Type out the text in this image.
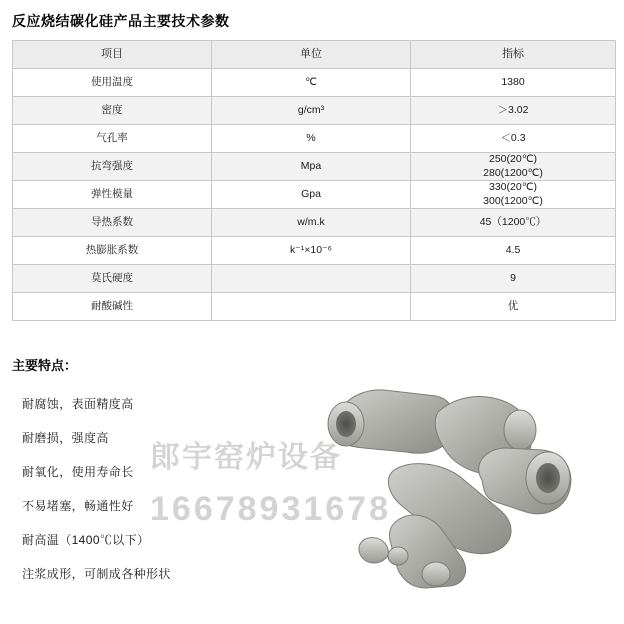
反应烧结碳化硅产品主要技术参数
项目	单位	指标
使用温度	℃	1380
密度	g/cm³	＞3.02
气孔率	%	＜0.3
抗弯强度	Mpa	250(20℃)
280(1200℃)

弹性模量	Gpa	330(20℃)
300(1200℃)

导热系数	w/m.k	45（1200℃）
热膨胀系数	k⁻¹×10⁻⁶	4.5
莫氏硬度		9
耐酸碱性		优
主要特点：
耐腐蚀，表面精度高
耐磨损，强度高
耐氧化，使用寿命长
不易堵塞，畅通性好
耐高温（1400℃以下）
注浆成形，可制成各种形状
郎宇窑炉设备
16678931678
